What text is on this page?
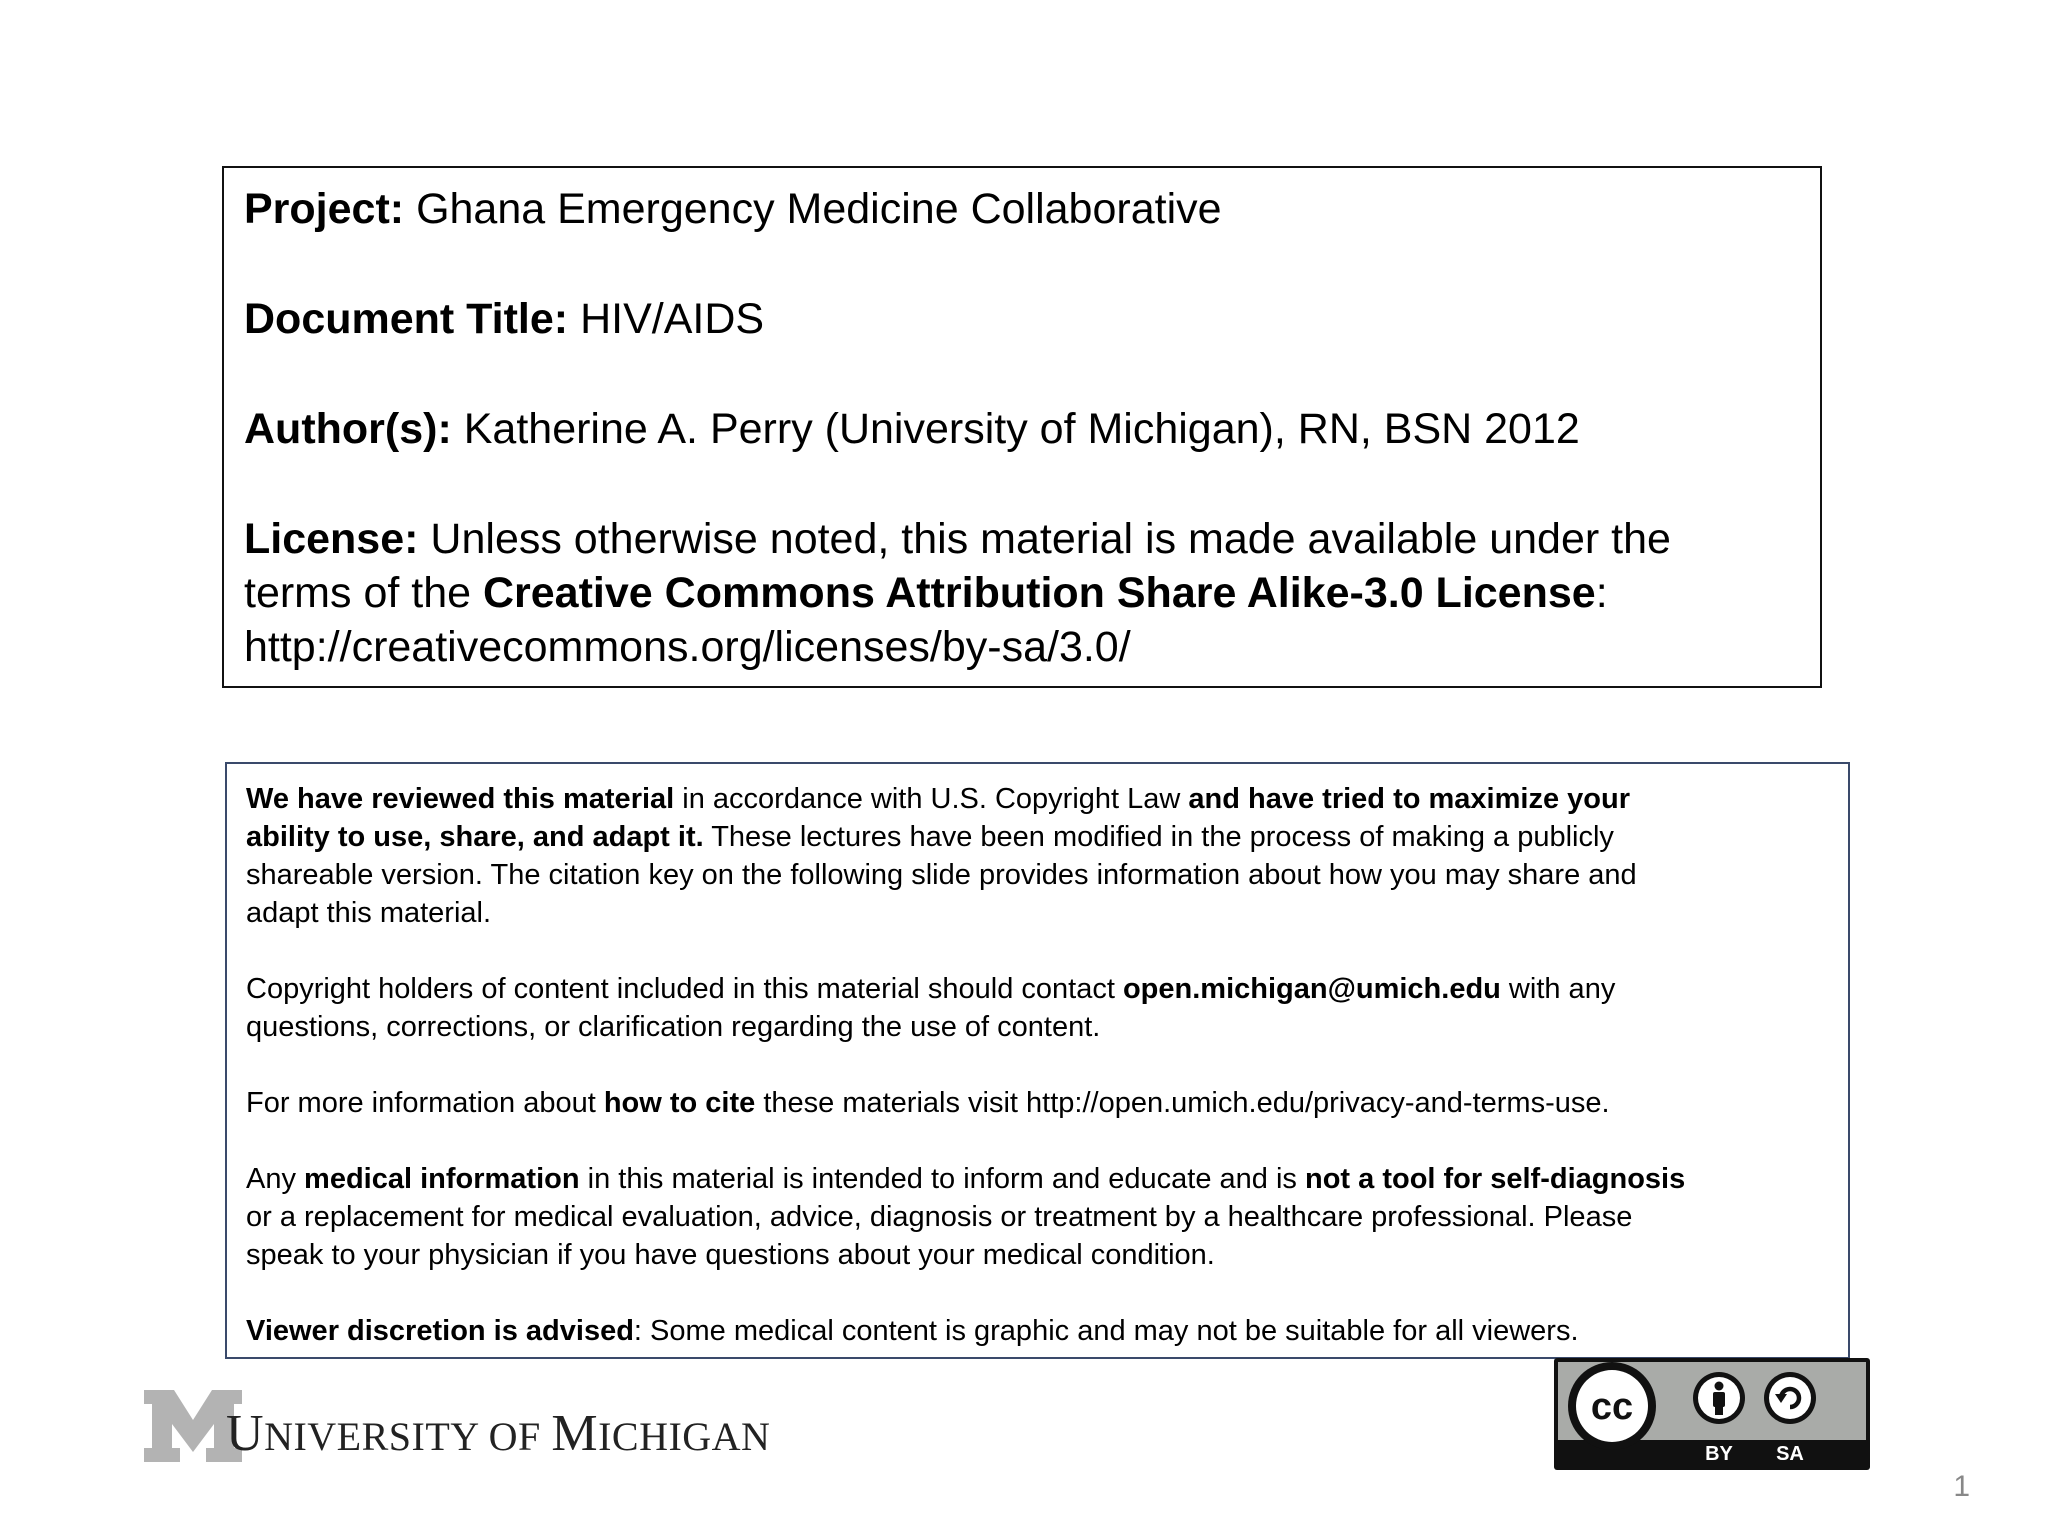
Project: Ghana Emergency Medicine Collaborative
Document Title: HIV/AIDS
Author(s): Katherine A. Perry (University of Michigan), RN, BSN 2012
License: Unless otherwise noted, this material is made available under the
terms of the Creative Commons Attribution Share Alike-3.0 License:
http://creativecommons.org/licenses/by-sa/3.0/
We have reviewed this material in accordance with U.S. Copyright Law and have tried to maximize your
ability to use, share, and adapt it. These lectures have been modified in the process of making a publicly
shareable version. The citation key on the following slide provides information about how you may share and
adapt this material.
Copyright holders of content included in this material should contact open.michigan@umich.edu with any
questions, corrections, or clarification regarding the use of content.
For more information about how to cite these materials visit http://open.umich.edu/privacy-and-terms-use.
Any medical information in this material is intended to inform and educate and is not a tool for self-diagnosis
or a replacement for medical evaluation, advice, diagnosis or treatment by a healthcare professional. Please
speak to your physician if you have questions about your medical condition.
Viewer discretion is advised: Some medical content is graphic and may not be suitable for all viewers.
UNIVERSITY OF MICHIGAN
cc
BY SA
1
